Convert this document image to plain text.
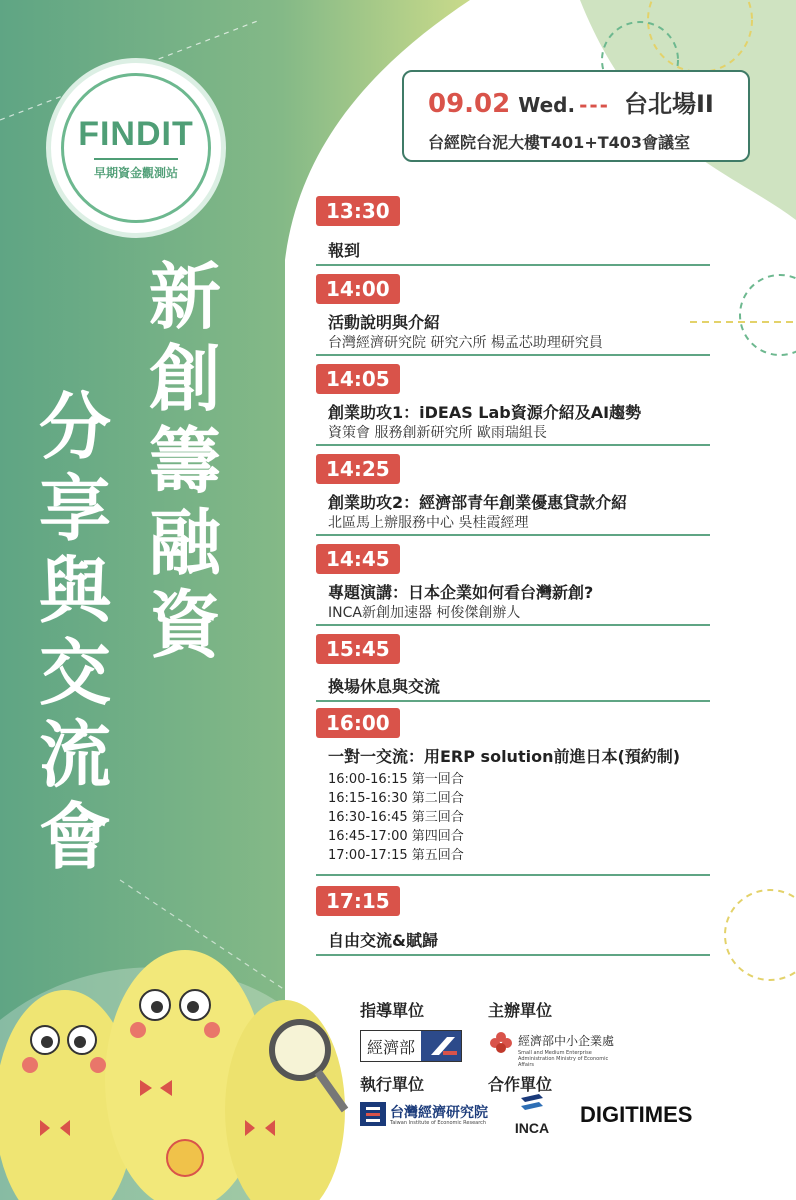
FINDIT
早期資金觀測站
新
創
籌
融
資
分
享
與
交
流
會
09.02 Wed. --- 台北場II
台經院台泥大樓T401+T403會議室
13:30
報到
14:00
活動說明與介紹
台灣經濟研究院 研究六所 楊孟芯助理研究員
14:05
創業助攻1：iDEAS Lab資源介紹及AI趨勢
資策會 服務創新研究所 歐雨瑞組長
14:25
創業助攻2：經濟部青年創業優惠貸款介紹
北區馬上辦服務中心 吳桂霞經理
14:45
專題演講：日本企業如何看台灣新創?
INCA新創加速器 柯俊傑創辦人
15:45
換場休息與交流
16:00
一對一交流：用ERP solution前進日本(預約制)
16:00-16:15 第一回合
16:15-16:30 第二回合
16:30-16:45 第三回合
16:45-17:00 第四回合
17:00-17:15 第五回合
17:15
自由交流&賦歸
指導單位	主辦單位
經濟部	經濟部中小企業處
Small and Medium Enterprise Administration Ministry of Economic Affairs
執行單位	合作單位
台灣經濟研究院
Taiwan Institute of Economic Research	INCA
DIGITIMES
